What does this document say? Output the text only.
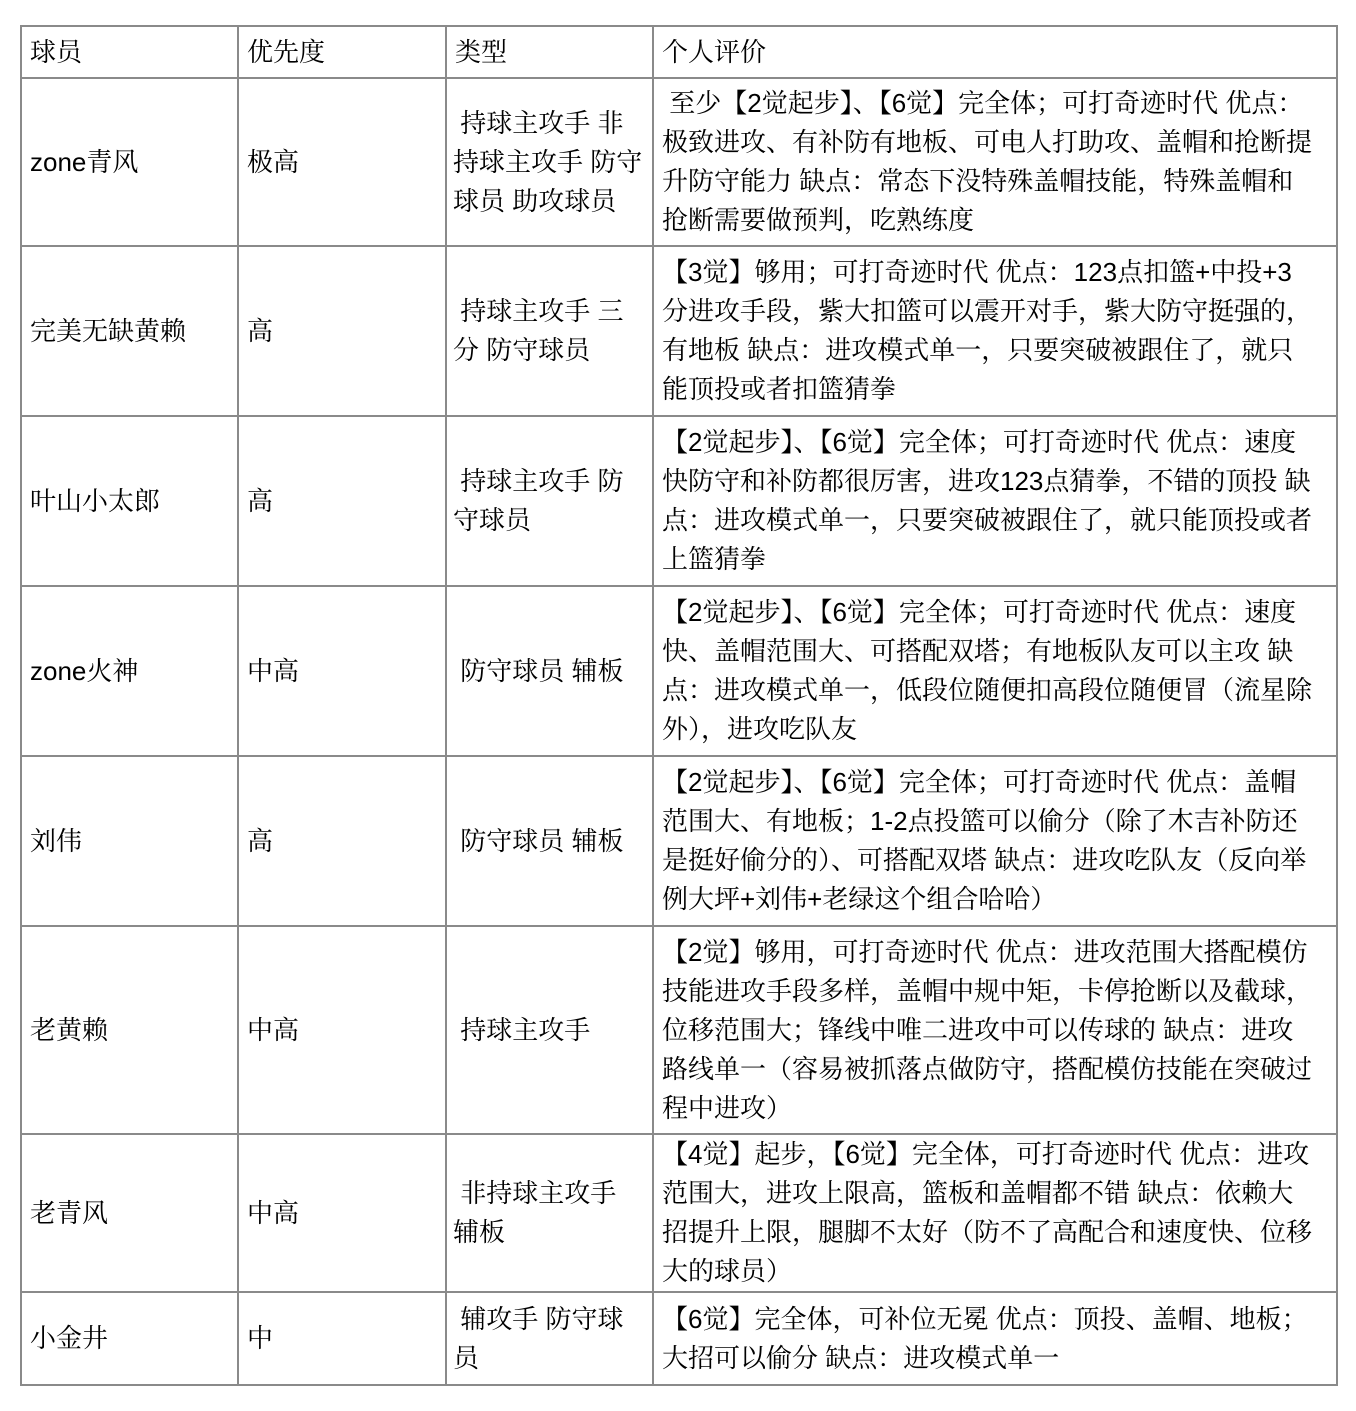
球员	优先度	类型	个人评价
zone青风	极高	持球主攻手 非持球主攻手 防守球员 助攻球员	至少【2觉起步】、【6觉】完全体；可打奇迹时代 优点：极致进攻、有补防有地板、可电人打助攻、盖帽和抢断提升防守能力 缺点：常态下没特殊盖帽技能，特殊盖帽和抢断需要做预判，吃熟练度
完美无缺黄赖	高	持球主攻手 三分 防守球员	【3觉】够用；可打奇迹时代 优点：123点扣篮+中投+3分进攻手段，紫大扣篮可以震开对手，紫大防守挺强的，有地板 缺点：进攻模式单一，只要突破被跟住了，就只能顶投或者扣篮猜拳
叶山小太郎	高	持球主攻手 防守球员	【2觉起步】、【6觉】完全体；可打奇迹时代 优点：速度快防守和补防都很厉害，进攻123点猜拳，不错的顶投 缺点：进攻模式单一，只要突破被跟住了，就只能顶投或者上篮猜拳
zone火神	中高	防守球员 辅板	【2觉起步】、【6觉】完全体；可打奇迹时代 优点：速度快、盖帽范围大、可搭配双塔；有地板队友可以主攻 缺点：进攻模式单一，低段位随便扣高段位随便冒（流星除外），进攻吃队友
刘伟	高	防守球员 辅板	【2觉起步】、【6觉】完全体；可打奇迹时代 优点：盖帽范围大、有地板；1-2点投篮可以偷分（除了木吉补防还是挺好偷分的）、可搭配双塔 缺点：进攻吃队友（反向举例大坪+刘伟+老绿这个组合哈哈）
老黄赖	中高	持球主攻手	【2觉】够用，可打奇迹时代 优点：进攻范围大搭配模仿技能进攻手段多样，盖帽中规中矩，卡停抢断以及截球，位移范围大；锋线中唯二进攻中可以传球的 缺点：进攻路线单一（容易被抓落点做防守，搭配模仿技能在突破过程中进攻）
老青风	中高	非持球主攻手 辅板	【4觉】起步，【6觉】完全体，可打奇迹时代 优点：进攻范围大，进攻上限高，篮板和盖帽都不错 缺点：依赖大招提升上限，腿脚不太好（防不了高配合和速度快、位移大的球员）
小金井	中	辅攻手 防守球员	【6觉】完全体，可补位无冕 优点：顶投、盖帽、地板；大招可以偷分 缺点：进攻模式单一
